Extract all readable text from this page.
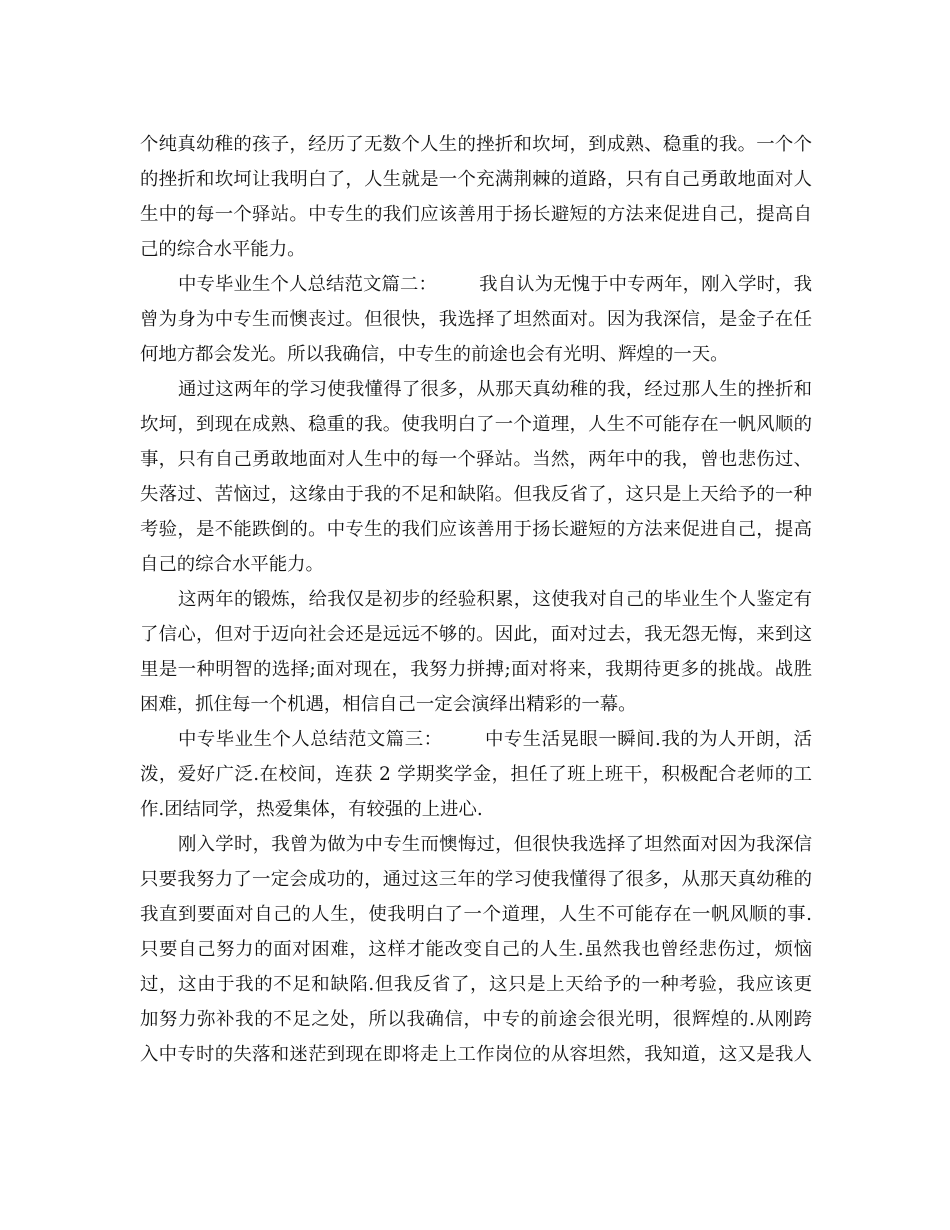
个纯真幼稚的孩子，经历了无数个人生的挫折和坎坷，到成熟、稳重的我。一个个
的挫折和坎坷让我明白了，人生就是一个充满荆棘的道路，只有自己勇敢地面对人
生中的每一个驿站。中专生的我们应该善用于扬长避短的方法来促进自己，提高自
己的综合水平能力。
中专毕业生个人总结范文篇二： 我自认为无愧于中专两年，刚入学时，我
曾为身为中专生而懊丧过。但很快，我选择了坦然面对。因为我深信，是金子在任
何地方都会发光。所以我确信，中专生的前途也会有光明、辉煌的一天。
通过这两年的学习使我懂得了很多，从那天真幼稚的我，经过那人生的挫折和
坎坷，到现在成熟、稳重的我。使我明白了一个道理，人生不可能存在一帆风顺的
事，只有自己勇敢地面对人生中的每一个驿站。当然，两年中的我，曾也悲伤过、
失落过、苦恼过，这缘由于我的不足和缺陷。但我反省了，这只是上天给予的一种
考验，是不能跌倒的。中专生的我们应该善用于扬长避短的方法来促进自己，提高
自己的综合水平能力。
这两年的锻炼，给我仅是初步的经验积累，这使我对自己的毕业生个人鉴定有
了信心，但对于迈向社会还是远远不够的。因此，面对过去，我无怨无悔，来到这
里是一种明智的选择;面对现在，我努力拼搏;面对将来，我期待更多的挑战。战胜
困难，抓住每一个机遇，相信自己一定会演绎出精彩的一幕。
中专毕业生个人总结范文篇三： 中专生活晃眼一瞬间.我的为人开朗，活
泼，爱好广泛.在校间，连获 2 学期奖学金，担任了班上班干，积极配合老师的工
作.团结同学，热爱集体，有较强的上进心.
刚入学时，我曾为做为中专生而懊悔过，但很快我选择了坦然面对因为我深信
只要我努力了一定会成功的，通过这三年的学习使我懂得了很多，从那天真幼稚的
我直到要面对自己的人生，使我明白了一个道理，人生不可能存在一帆风顺的事.
只要自己努力的面对困难，这样才能改变自己的人生.虽然我也曾经悲伤过，烦恼
过，这由于我的不足和缺陷.但我反省了，这只是上天给予的一种考验，我应该更
加努力弥补我的不足之处，所以我确信，中专的前途会很光明，很辉煌的.从刚跨
入中专时的失落和迷茫到现在即将走上工作岗位的从容坦然，我知道，这又是我人
